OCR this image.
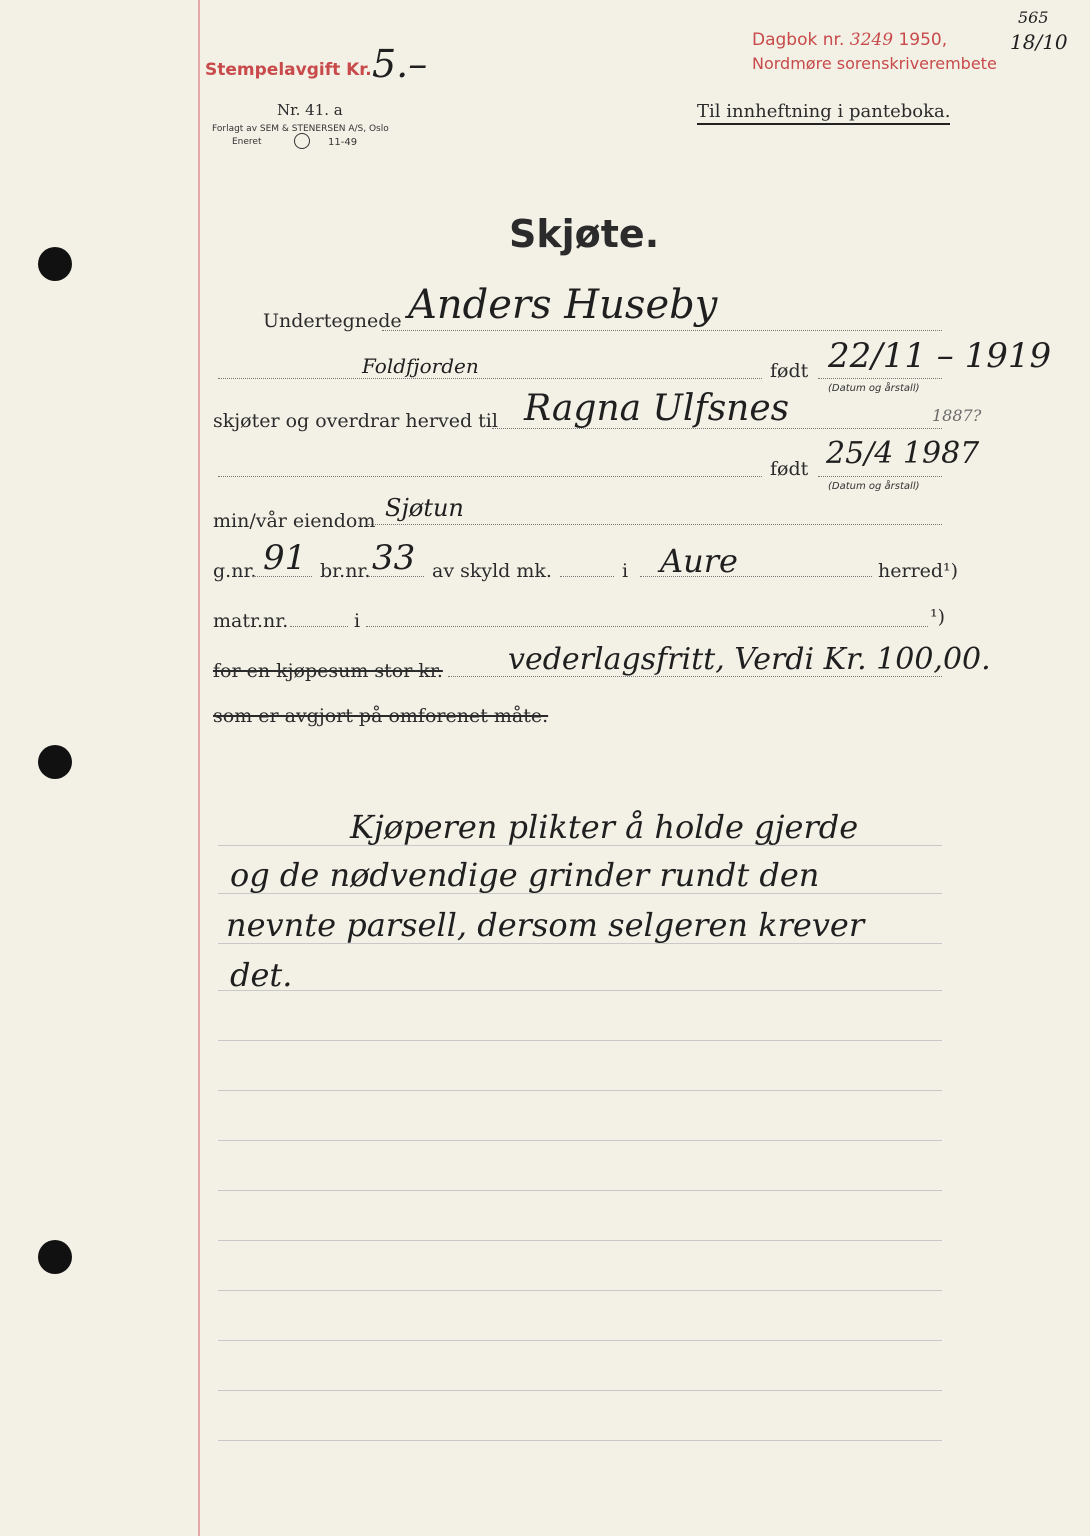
Stempelavgift Kr. 5.–
Dagbok nr. 3249 1950,	18/10
565
Nordmøre sorenskriverembete
Nr. 41. a
Forlagt av SEM & STENERSEN A/S, Oslo
Eneret	11-49
Til innheftning i panteboka.
Skjøte.
Undertegnede Anders Huseby
Foldfjorden	født 22/11 – 1919
(Datum og årstall)
skjøter og overdrar herved til Ragna Ulfsnes	1887?
født 25/4 1987
(Datum og årstall)
min/vår eiendom Sjøtun
g.nr. 91 br.nr. 33 av skyld mk.	i Aure	herred¹)
matr.nr.	i	¹)
for en kjøpesum stor kr. vederlagsfritt, Verdi Kr. 100,00.
som er avgjort på omforenet måte.
Kjøperen plikter å holde gjerde
og de nødvendige grinder rundt den
nevnte parsell, dersom selgeren krever
det.
